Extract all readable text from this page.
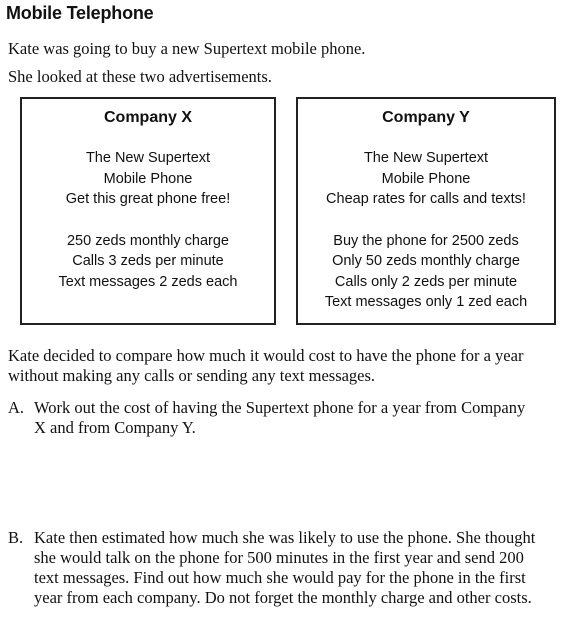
Mobile Telephone
Kate was going to buy a new Supertext mobile phone.
She looked at these two advertisements.
Company X
The New Supertext
Mobile Phone
Get this great phone free!
250 zeds monthly charge
Calls 3 zeds per minute
Text messages 2 zeds each
Company Y
The New Supertext
Mobile Phone
Cheap rates for calls and texts!
Buy the phone for 2500 zeds
Only 50 zeds monthly charge
Calls only 2 zeds per minute
Text messages only 1 zed each
Kate decided to compare how much it would cost to have the phone for a year
without making any calls or sending any text messages.
A. Work out the cost of having the Supertext phone for a year from Company
X and from Company Y.
B. Kate then estimated how much she was likely to use the phone. She thought
she would talk on the phone for 500 minutes in the first year and send 200
text messages. Find out how much she would pay for the phone in the first
year from each company. Do not forget the monthly charge and other costs.
